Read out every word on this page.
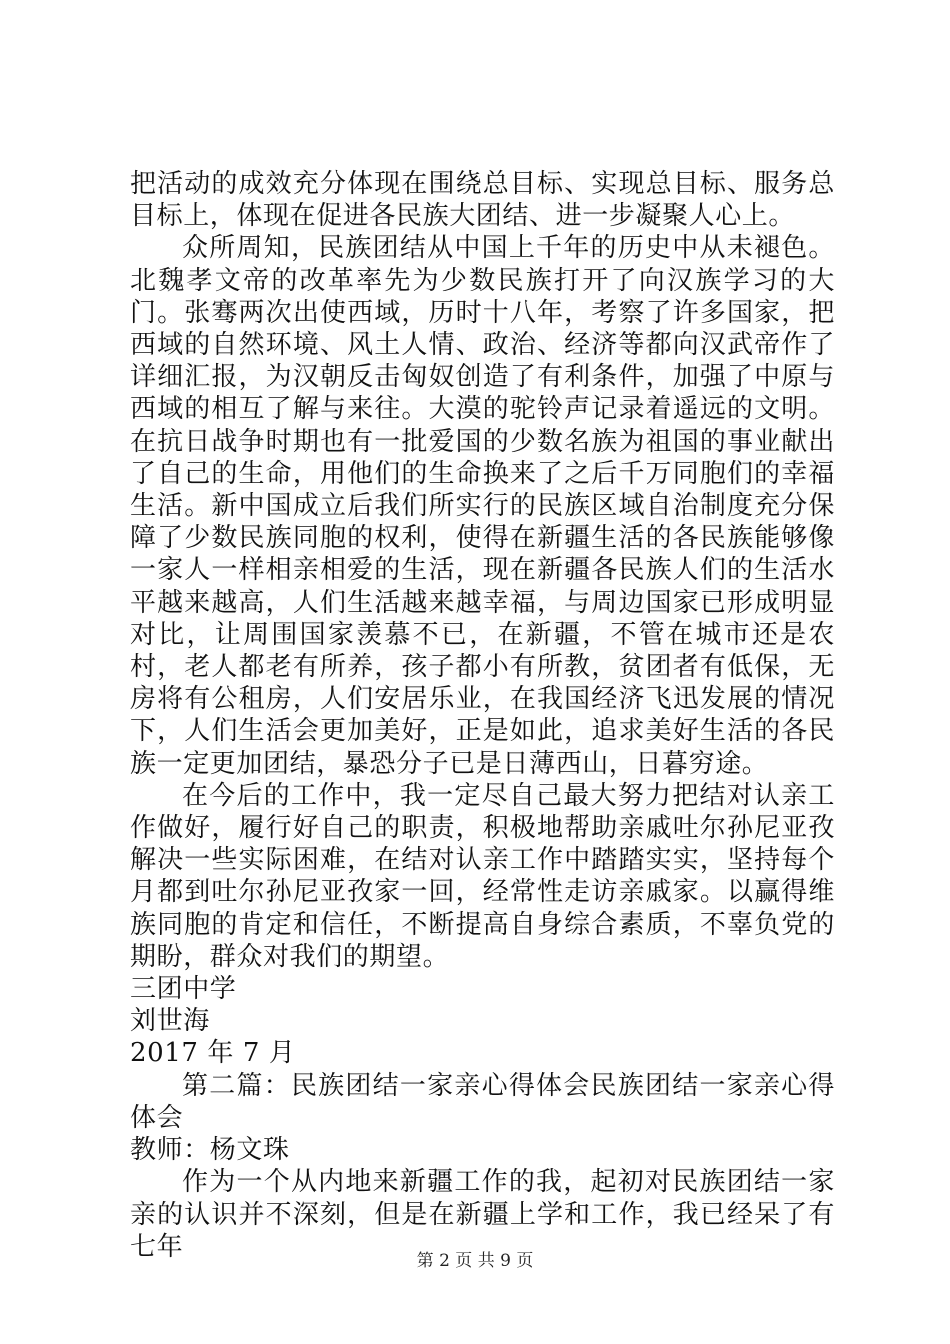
把活动的成效充分体现在围绕总目标、实现总目标、服务总目标上，体现在促进各民族大团结、进一步凝聚人心上。

众所周知，民族团结从中国上千年的历史中从未褪色。北魏孝文帝的改革率先为少数民族打开了向汉族学习的大门。张骞两次出使西域，历时十八年，考察了许多国家，把西域的自然环境、风土人情、政治、经济等都向汉武帝作了详细汇报，为汉朝反击匈奴创造了有利条件，加强了中原与西域的相互了解与来往。大漠的驼铃声记录着遥远的文明。在抗日战争时期也有一批爱国的少数名族为祖国的事业献出了自己的生命，用他们的生命换来了之后千万同胞们的幸福生活。新中国成立后我们所实行的民族区域自治制度充分保障了少数民族同胞的权利，使得在新疆生活的各民族能够像一家人一样相亲相爱的生活，现在新疆各民族人们的生活水平越来越高，人们生活越来越幸福，与周边国家已形成明显对比，让周围国家羡慕不已，在新疆，不管在城市还是农村，老人都老有所养，孩子都小有所教，贫团者有低保，无房将有公租房，人们安居乐业，在我国经济飞迅发展的情况下，人们生活会更加美好，正是如此，追求美好生活的各民族一定更加团结，暴恐分子已是日薄西山，日暮穷途。

在今后的工作中，我一定尽自己最大努力把结对认亲工作做好，履行好自己的职责，积极地帮助亲戚吐尔孙尼亚孜解决一些实际困难，在结对认亲工作中踏踏实实，坚持每个月都到吐尔孙尼亚孜家一回，经常性走访亲戚家。以赢得维族同胞的肯定和信任，不断提高自身综合素质，不辜负党的期盼，群众对我们的期望。

三团中学

刘世海

2017 年 7 月

第二篇：民族团结一家亲心得体会民族团结一家亲心得体会

教师：杨文珠

作为一个从内地来新疆工作的我，起初对民族团结一家亲的认识并不深刻，但是在新疆上学和工作，我已经呆了有七年	第 2 页 共 9 页
